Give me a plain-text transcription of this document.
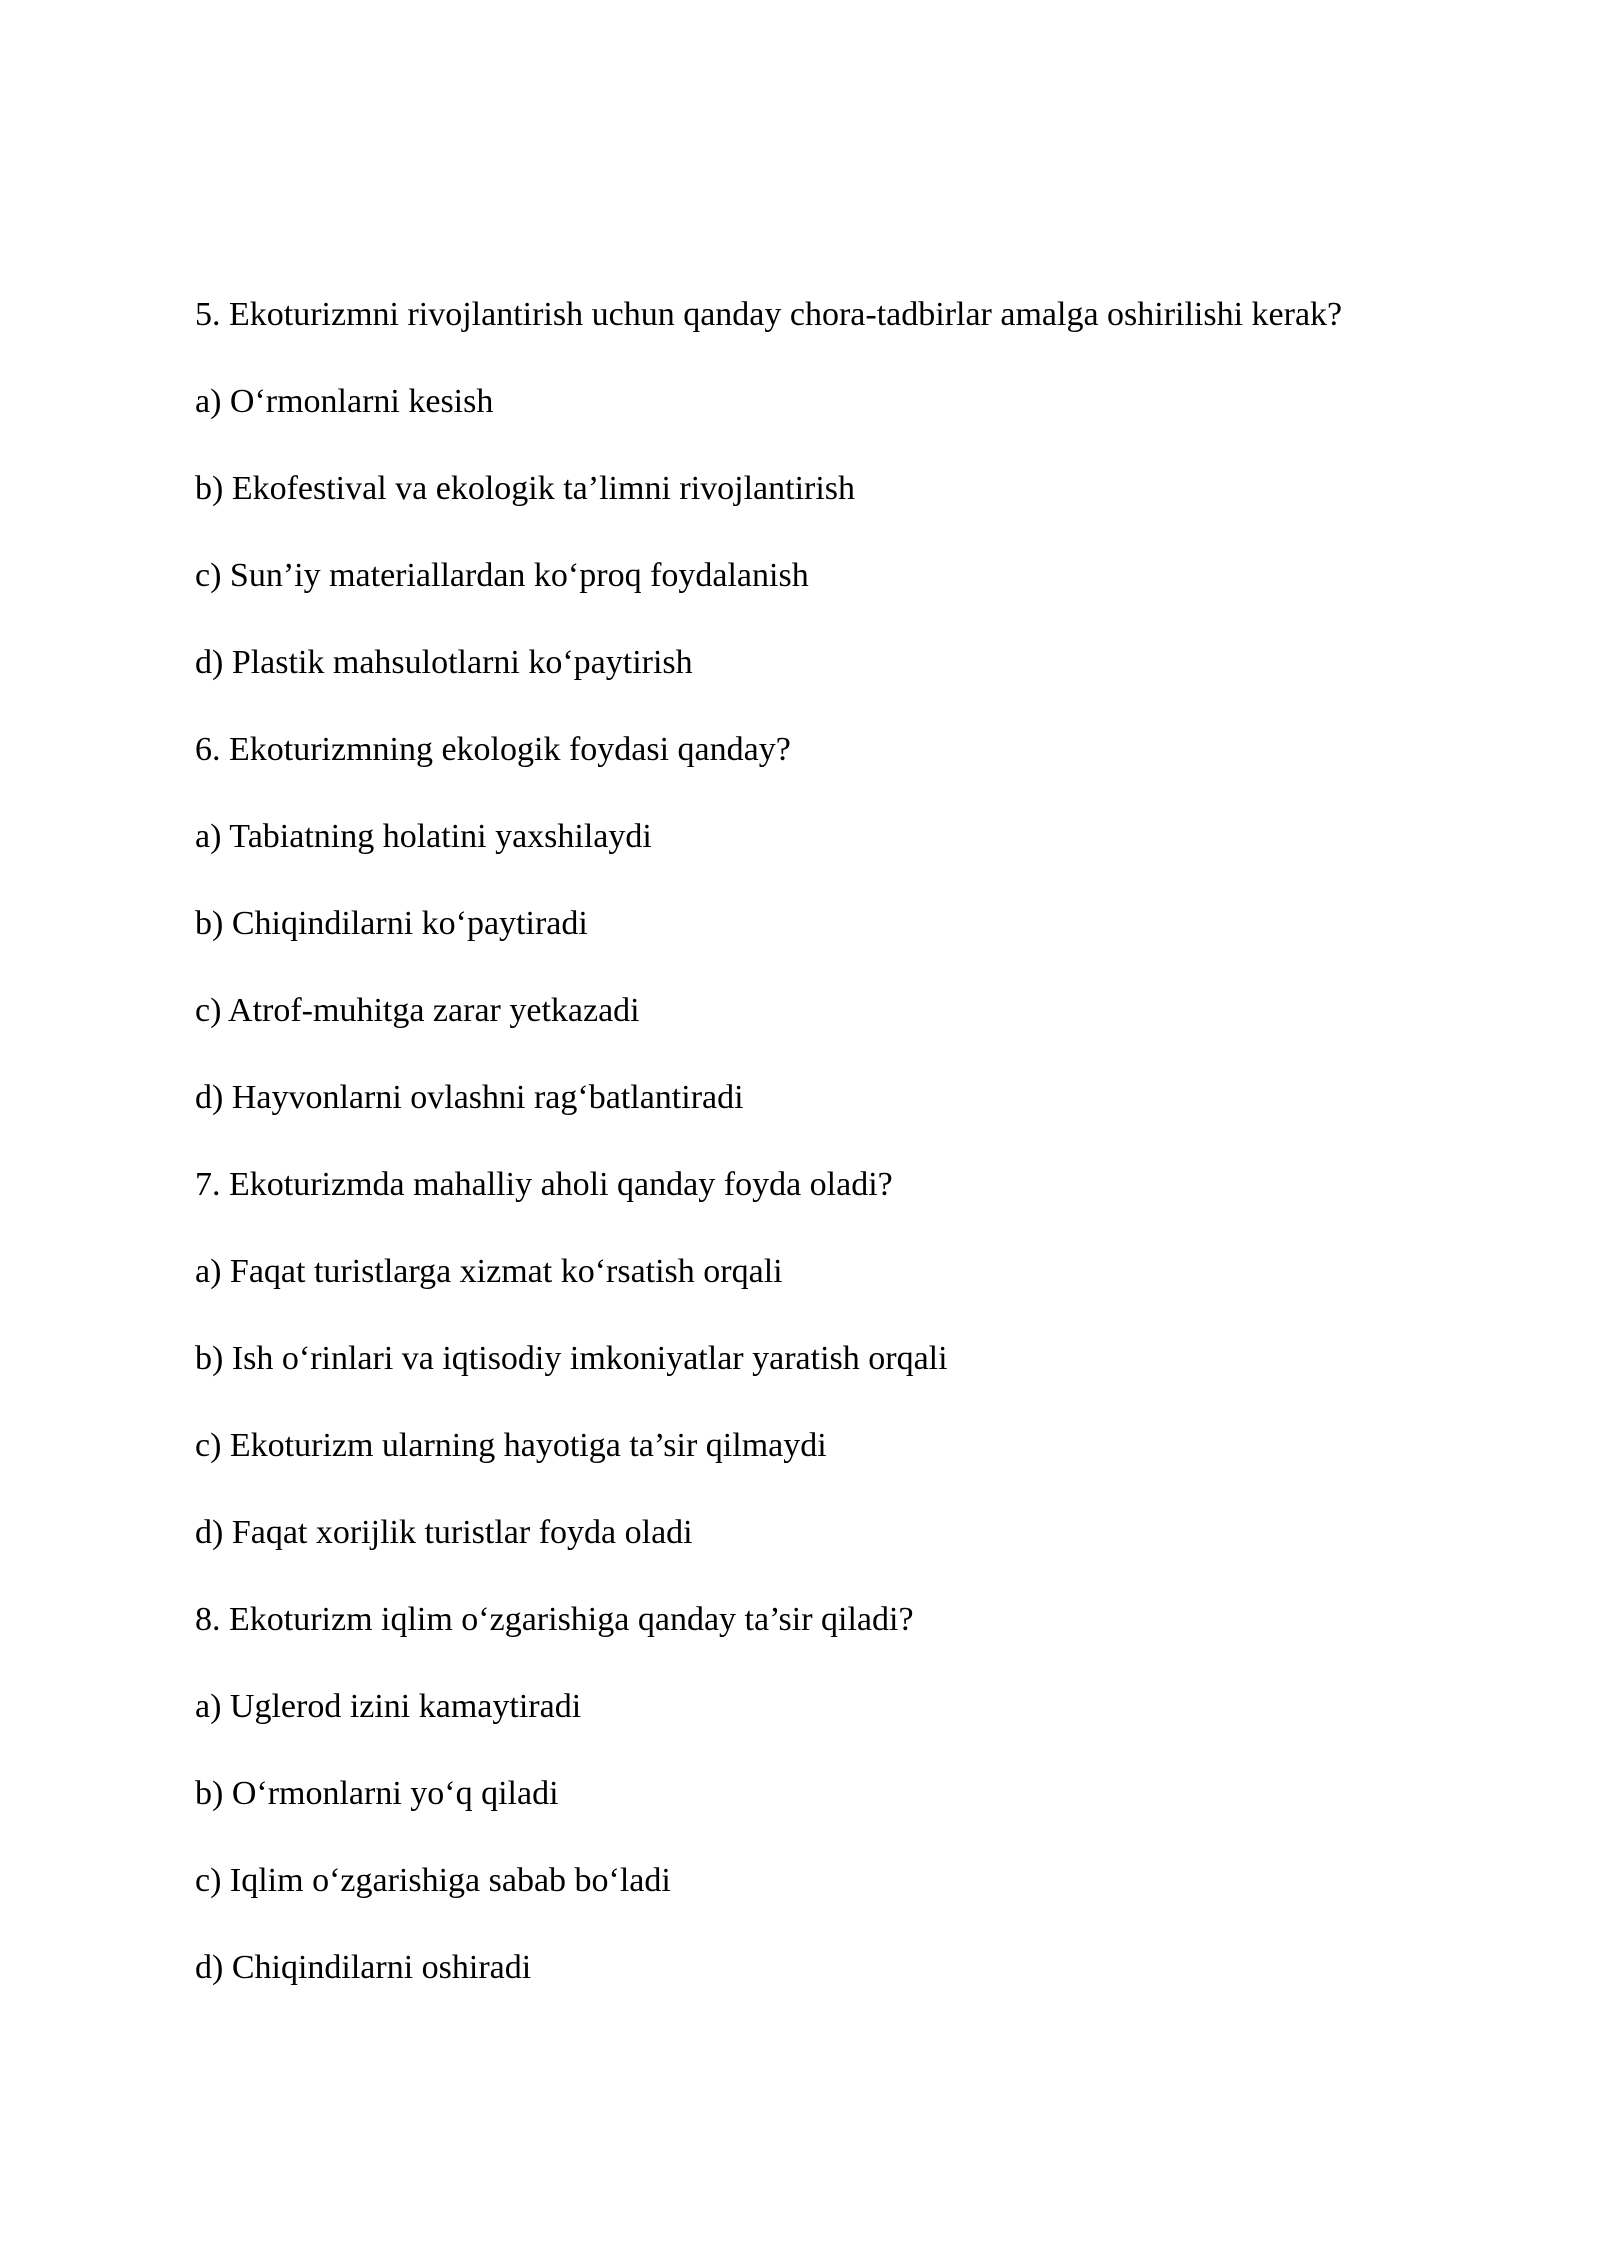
5. Ekoturizmni rivojlantirish uchun qanday chora-tadbirlar amalga oshirilishi kerak?

a) O‘rmonlarni kesish

b) Ekofestival va ekologik ta’limni rivojlantirish

c) Sun’iy materiallardan ko‘proq foydalanish

d) Plastik mahsulotlarni ko‘paytirish

6. Ekoturizmning ekologik foydasi qanday?

a) Tabiatning holatini yaxshilaydi

b) Chiqindilarni ko‘paytiradi

c) Atrof-muhitga zarar yetkazadi

d) Hayvonlarni ovlashni rag‘batlantiradi

7. Ekoturizmda mahalliy aholi qanday foyda oladi?

a) Faqat turistlarga xizmat ko‘rsatish orqali

b) Ish o‘rinlari va iqtisodiy imkoniyatlar yaratish orqali

c) Ekoturizm ularning hayotiga ta’sir qilmaydi

d) Faqat xorijlik turistlar foyda oladi

8. Ekoturizm iqlim o‘zgarishiga qanday ta’sir qiladi?

a) Uglerod izini kamaytiradi

b) O‘rmonlarni yo‘q qiladi

c) Iqlim o‘zgarishiga sabab bo‘ladi

d) Chiqindilarni oshiradi
